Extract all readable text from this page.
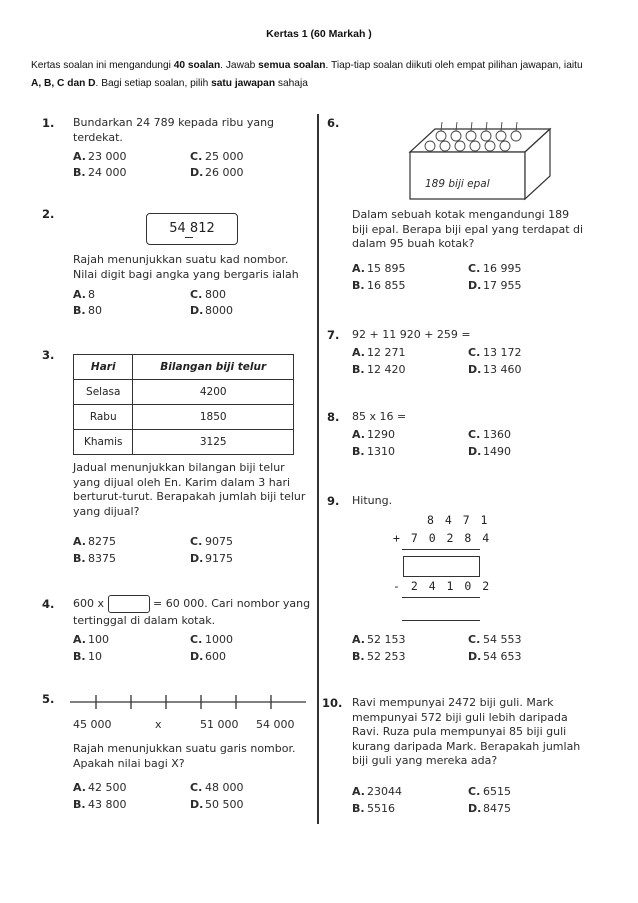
Kertas 1 (60 Markah )
Kertas soalan ini mengandungi 40 soalan. Jawab semua soalan. Tiap-tiap soalan diikuti oleh empat pilihan jawapan, iaitu
A, B, C dan D. Bagi setiap soalan, pilih satu jawapan sahaja
1. Bundarkan 24 789 kepada ribu yang terdekat.
A. 23 000	C. 25 000
B. 24 000	D. 26 000
2.
54 812
Rajah menunjukkan suatu kad nombor. Nilai digit bagi angka yang bergaris ialah
A. 8	C. 800
B. 80	D. 8000
3.
Hari	Bilangan biji telur
Selasa	4200
Rabu	1850
Khamis	3125
Jadual menunjukkan bilangan biji telur yang dijual oleh En. Karim dalam 3 hari berturut-turut. Berapakah jumlah biji telur yang dijual?
A. 8275	C. 9075
B. 8375	D. 9175
4. 600 x	= 60 000. Cari nombor yang
tertinggal di dalam kotak.
A. 100	C. 1000
B. 10	D. 600
5.
45 000	x	51 000 54 000
Rajah menunjukkan suatu garis nombor. Apakah nilai bagi X?
A. 42 500	C. 48 000
B. 43 800	D. 50 500
6.
189 biji epal
Dalam sebuah kotak mengandungi 189 biji epal. Berapa biji epal yang terdapat di dalam 95 buah kotak?
A. 15 895	C. 16 995
B. 16 855	D. 17 955
7. 92 + 11 920 + 259 =
A. 12 271	C. 13 172
B. 12 420	D. 13 460
8. 85 x 16 =
A. 1290	C. 1360
B. 1310	D. 1490
9. Hitung.
8 4 7 1
+ 7 0 2 8 4
- 2 4 1 0 2
A. 52 153	C. 54 553
B. 52 253	D. 54 653
10. Ravi mempunyai 2472 biji guli. Mark mempunyai 572 biji guli lebih daripada Ravi. Ruza pula mempunyai 85 biji guli kurang daripada Mark. Berapakah jumlah biji guli yang mereka ada?
A. 23044	C. 6515
B. 5516	D. 8475
